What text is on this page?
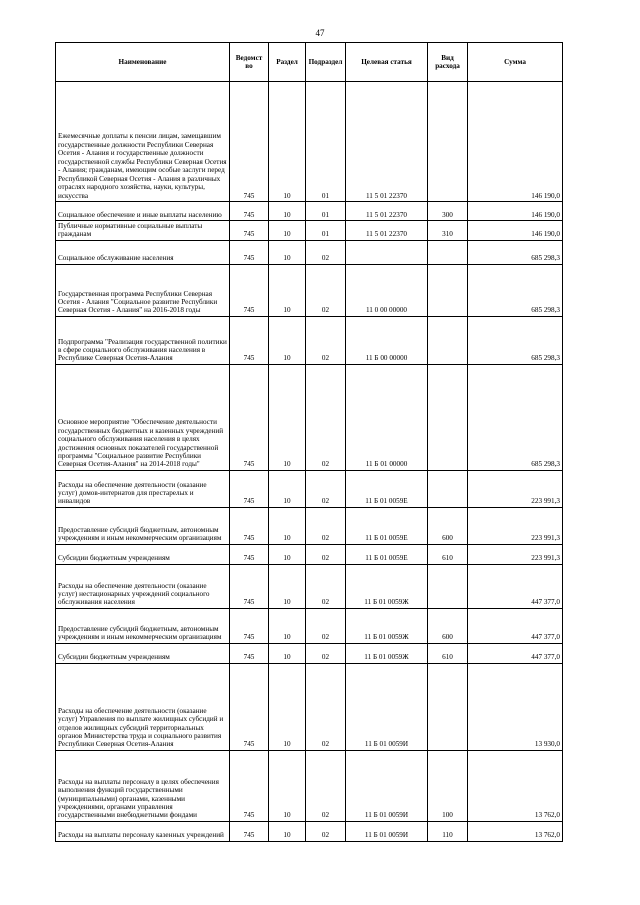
47
Наименование	Ведомст во	Раздел	Подраздел	Целевая статья	Вид расхода	Сумма
Ежемесячные доплаты к пенсии лицам, замещавшим государственные должности Республики Северная Осетия - Алания и государственные должности государственной службы Республики Северная Осетия - Алания; гражданам, имеющим особые заслуги перед Республикой Северная Осетия - Алания в различных отраслях народного хозяйства, науки, культуры, искусства	745	10	01	11 5 01 22370		146 190,0
Социальное обеспечение и иные выплаты населению	745	10	01	11 5 01 22370	300	146 190,0
Публичные нормативные социальные выплаты гражданам	745	10	01	11 5 01 22370	310	146 190,0
Социальное обслуживание населения	745	10	02			685 298,3
Государственная программа Республики Северная Осетия - Алания "Социальное развитие Республики Северная Осетия - Алания" на 2016-2018 годы	745	10	02	11 0 00 00000		685 298,3
Подпрограмма "Реализация государственной политики в сфере социального обслуживания населения в Республике Северная Осетия-Алания	745	10	02	11 Б 00 00000		685 298,3
Основное мероприятие "Обеспечение деятельности государственных бюджетных и казенных учреждений социального обслуживания населения в целях достижения основных показателей государственной программы "Социальное развитие Республики Северная Осетия-Алания" на 2014-2018 годы"	745	10	02	11 Б 01 00000		685 298,3
Расходы на обеспечение деятельности (оказание услуг) домов-интернатов для престарелых и инвалидов	745	10	02	11 Б 01 0059Е		223 991,3
Предоставление субсидий бюджетным, автономным учреждениям и иным некоммерческим организациям	745	10	02	11 Б 01 0059Е	600	223 991,3
Субсидии бюджетным учреждениям	745	10	02	11 Б 01 0059Е	610	223 991,3
Расходы на обеспечение деятельности (оказание услуг) нестационарных учреждений социального обслуживания населения	745	10	02	11 Б 01 0059Ж		447 377,0
Предоставление субсидий бюджетным, автономным учреждениям и иным некоммерческим организациям	745	10	02	11 Б 01 0059Ж	600	447 377,0
Субсидии бюджетным учреждениям	745	10	02	11 Б 01 0059Ж	610	447 377,0
Расходы на обеспечение деятельности (оказание услуг) Управления по выплате жилищных субсидий и отделов жилищных субсидий территориальных органов Министерства труда и социального развития Республики Северная Осетия-Алания	745	10	02	11 Б 01 0059И		13 930,0
Расходы на выплаты персоналу в целях обеспечения выполнения функций государственными (муниципальными) органами, казенными учреждениями, органами управления государственными внебюджетными фондами	745	10	02	11 Б 01 0059И	100	13 762,0
Расходы на выплаты персоналу казенных учреждений	745	10	02	11 Б 01 0059И	110	13 762,0
